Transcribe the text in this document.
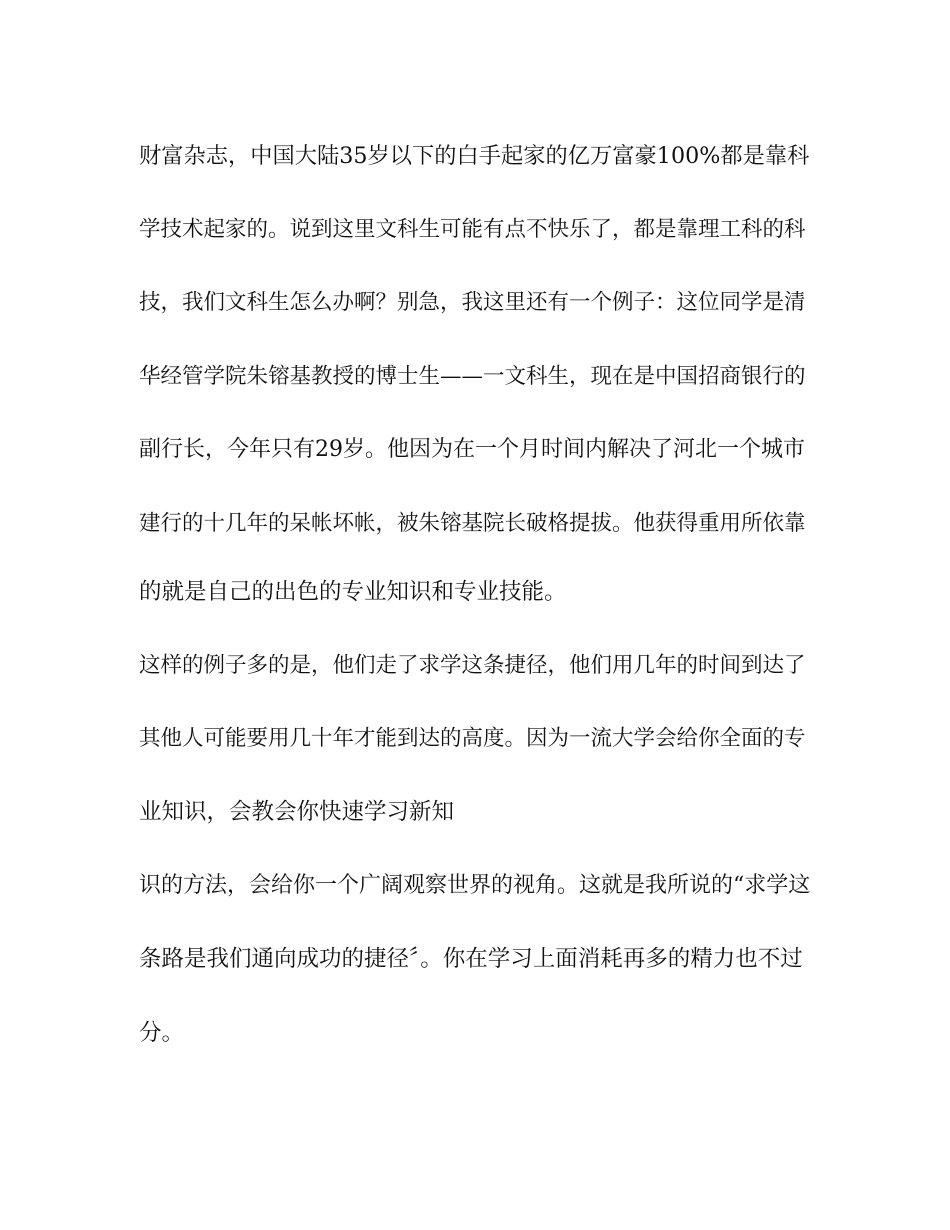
财富杂志，中国大陆35岁以下的白手起家的亿万富豪100%都是靠科
学技术起家的。说到这里文科生可能有点不快乐了，都是靠理工科的科
技，我们文科生怎么办啊？别急，我这里还有一个例子：这位同学是清
华经管学院朱镕基教授的博士生——一文科生，现在是中国招商银行的
副行长，今年只有29岁。他因为在一个月时间内解决了河北一个城市
建行的十几年的呆帐坏帐，被朱镕基院长破格提拔。他获得重用所依靠
的就是自己的出色的专业知识和专业技能。
这样的例子多的是，他们走了求学这条捷径，他们用几年的时间到达了
其他人可能要用几十年才能到达的高度。因为一流大学会给你全面的专
业知识，会教会你快速学习新知
识的方法，会给你一个广阔观察世界的视角。这就是我所说的“求学这
条路是我们通向成功的捷径〞。你在学习上面消耗再多的精力也不过
分。
